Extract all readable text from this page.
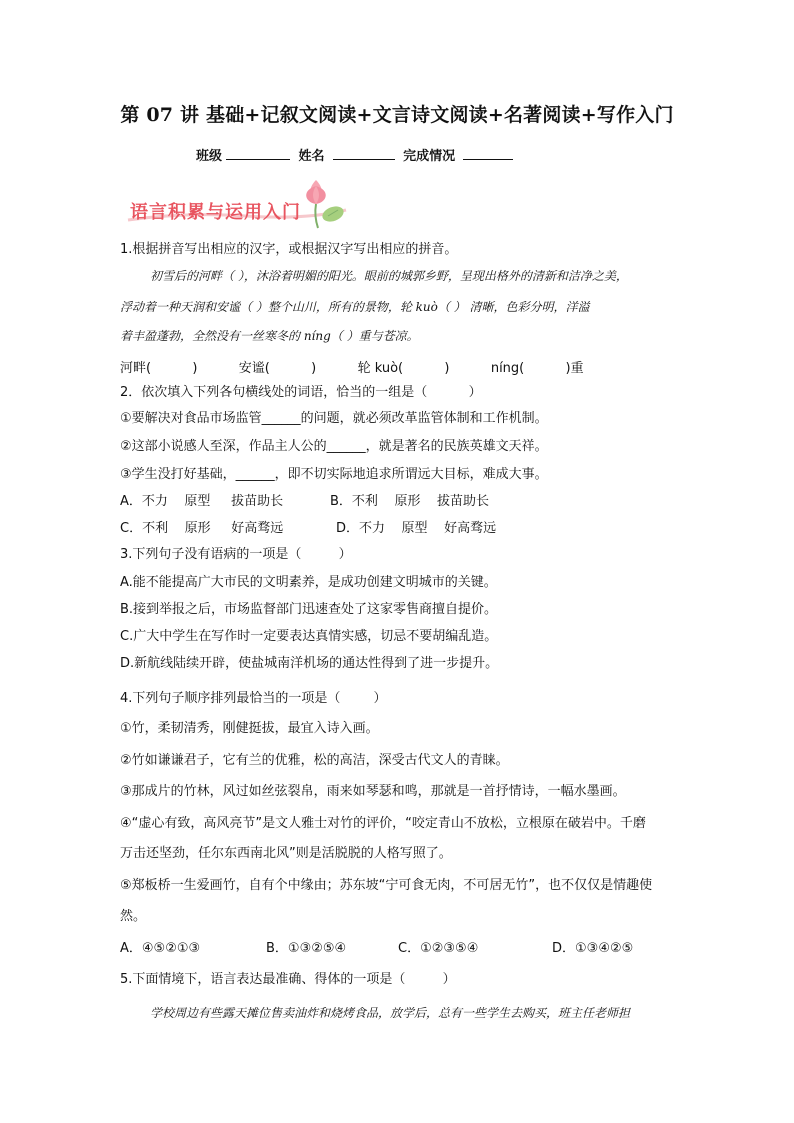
第 07 讲 基础+记叙文阅读+文言诗文阅读+名著阅读+写作入门
班级	姓名	完成情况
语言积累与运用入门
1.根据拼音写出相应的汉字，或根据汉字写出相应的拼音。
初雪后的河畔（ ），沐浴着明媚的阳光。眼前的城郭乡野，呈现出格外的清新和洁净之美，
浮动着一种天润和安谧（ ）整个山川，所有的景物，轮 kuò（ ） 清晰，色彩分明，洋溢
着丰盈蓬勃，全然没有一丝寒冬的 níng（ ）重与苍凉。
河畔(          )          安谧(          )          轮 kuò(          )          níng(          )重
2．依次填入下列各句横线处的词语，恰当的一组是（          ）
①要解决对食品市场监管______的问题，就必须改革监管体制和工作机制。
②这部小说感人至深，作品主人公的______，就是著名的民族英雄文天祥。
③学生没打好基础，______，即不切实际地追求所谓远大目标，难成大事。
A．不力    原型     拔苗助长	B．不利    原形    拔苗助长
C．不利    原形     好高骛远	D．不力    原型    好高骛远
3.下列句子没有语病的一项是（         ）
A.能不能提高广大市民的文明素养，是成功创建文明城市的关键。
B.接到举报之后，市场监督部门迅速查处了这家零售商擅自提价。
C.广大中学生在写作时一定要表达真情实感，切忌不要胡编乱造。
D.新航线陆续开辟，使盐城南洋机场的通达性得到了进一步提升。
4.下列句子顺序排列最恰当的一项是（        ）
①竹，柔韧清秀，刚健挺拔，最宜入诗入画。
②竹如谦谦君子，它有兰的优雅，松的高洁，深受古代文人的青睐。
③那成片的竹林，风过如丝弦裂帛，雨来如琴瑟和鸣，那就是一首抒情诗，一幅水墨画。
④“虚心有致，高风亮节”是文人雅士对竹的评价，“咬定青山不放松，立根原在破岩中。千磨
万击还坚劲，任尔东西南北风”则是活脱脱的人格写照了。
⑤郑板桥一生爱画竹，自有个中缘由；苏东坡“宁可食无肉，不可居无竹”，也不仅仅是情趣使
然。
A．④⑤②①③	B．①③②⑤④	C．①②③⑤④	D．①③④②⑤
5.下面情境下，语言表达最准确、得体的一项是（         ）
学校周边有些露天摊位售卖油炸和烧烤食品，放学后，总有一些学生去购买，班主任老师担
